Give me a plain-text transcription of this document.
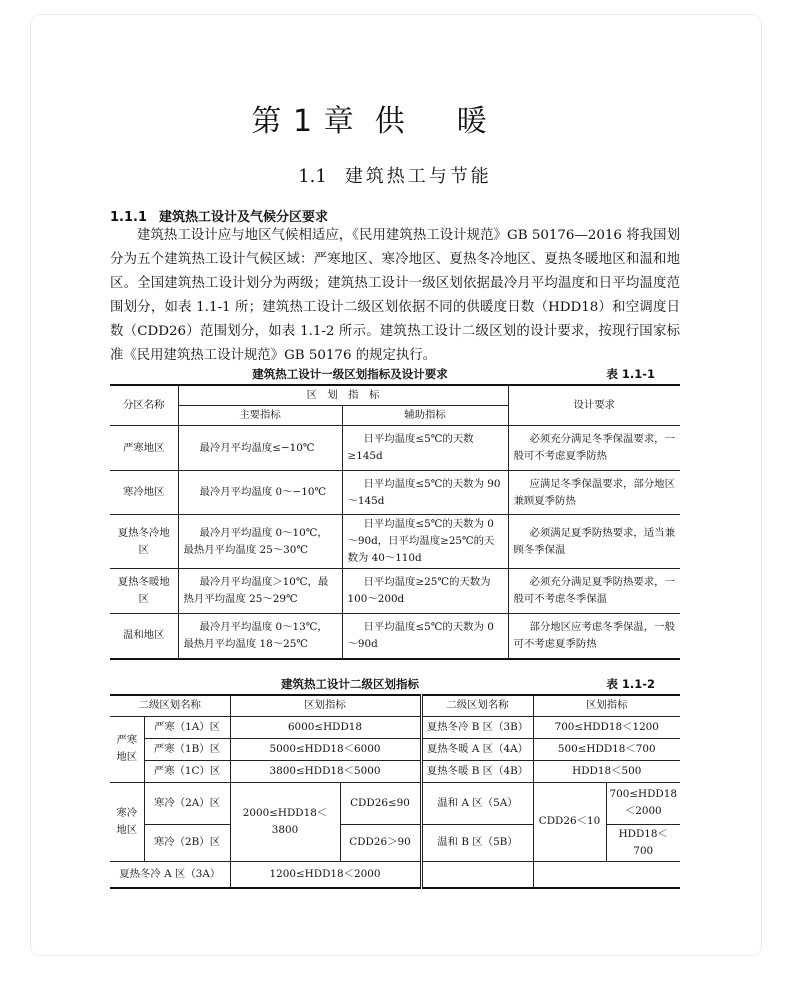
第 1 章 供暖
1.1 建筑热工与节能
1.1.1 建筑热工设计及气候分区要求
建筑热工设计应与地区气候相适应，《民用建筑热工设计规范》GB 50176—2016 将我国划分为五个建筑热工设计气候区域：严寒地区、寒冷地区、夏热冬冷地区、夏热冬暖地区和温和地区。全国建筑热工设计划分为两级；建筑热工设计一级区划依据最冷月平均温度和日平均温度范围划分，如表 1.1-1 所；建筑热工设计二级区划依据不同的供暖度日数（HDD18）和空调度日数（CDD26）范围划分，如表 1.1-2 所示。建筑热工设计二级区划的设计要求，按现行国家标准《民用建筑热工设计规范》GB 50176 的规定执行。
建筑热工设计一级区划指标及设计要求	表 1.1-1
分区名称	区　划　指　标		设计要求
	主要指标	辅助指标	
严寒地区	最冷月平均温度≤−10℃	日平均温度≤5℃的天数≥145d	必须充分满足冬季保温要求，一般可不考虑夏季防热
寒冷地区	最冷月平均温度 0～−10℃	日平均温度≤5℃的天数为 90～145d	应满足冬季保温要求，部分地区兼顾夏季防热
夏热冬冷地区	最冷月平均温度 0～10℃，最热月平均温度 25～30℃	日平均温度≤5℃的天数为 0～90d，日平均温度≥25℃的天数为 40～110d	必须满足夏季防热要求，适当兼顾冬季保温
夏热冬暖地区	最冷月平均温度＞10℃，最热月平均温度 25～29℃	日平均温度≥25℃的天数为 100～200d	必须充分满足夏季防热要求，一般可不考虑冬季保温
温和地区	最冷月平均温度 0～13℃，最热月平均温度 18～25℃	日平均温度≤5℃的天数为 0～90d	部分地区应考虑冬季保温，一般可不考虑夏季防热
建筑热工设计二级区划指标	表 1.1-2
二级区划名称		区划指标		二级区划名称	区划指标	
严寒地区	严寒（1A）区	6000≤HDD18		夏热冬冷 B 区（3B）	700≤HDD18＜1200	
	严寒（1B）区	5000≤HDD18＜6000		夏热冬暖 A 区（4A）	500≤HDD18＜700	
	严寒（1C）区	3800≤HDD18＜5000		夏热冬暖 B 区（4B）	HDD18＜500	
寒冷地区	寒冷（2A）区	2000≤HDD18＜3800	CDD26≤90	温和 A 区（5A）	CDD26＜10	700≤HDD18＜2000
	寒冷（2B）区		CDD26＞90	温和 B 区（5B）		HDD18＜700
夏热冬冷 A 区（3A）		1200≤HDD18＜2000				
